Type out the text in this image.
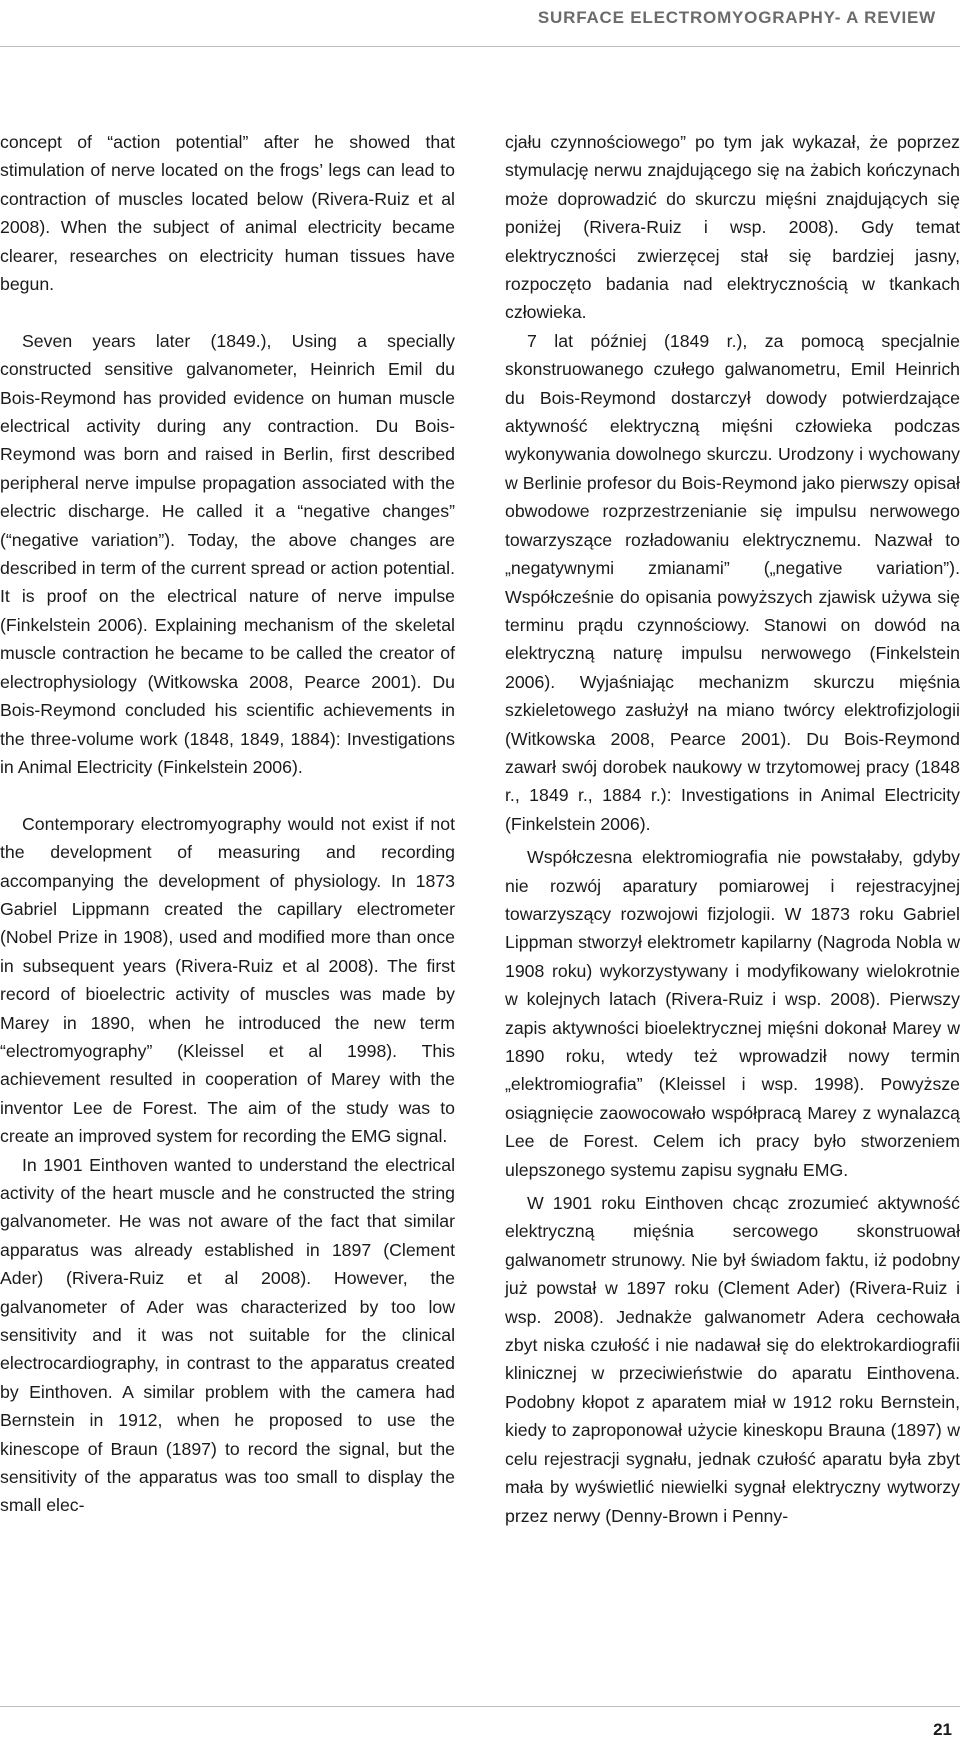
SURFACE ELECTROMYOGRAPHY- A REVIEW

concept of “action potential” after he showed that stimulation of nerve located on the frogs’ legs can lead to contraction of muscles located below (Rivera-Ruiz et al 2008). When the subject of animal electricity became clearer, researches on electricity human tissues have begun.

Seven years later (1849.), Using a specially constructed sensitive galvanometer, Heinrich Emil du Bois-Reymond has provided evidence on human muscle electrical activity during any contraction. Du Bois-Reymond was born and raised in Berlin, first described peripheral nerve impulse propagation associated with the electric discharge. He called it a “negative changes” (“negative variation”). Today, the above changes are described in term of the current spread or action potential. It is proof on the electrical nature of nerve impulse (Finkelstein 2006). Explaining mechanism of the skeletal muscle contraction he became to be called the creator of electrophysiology (Witkowska 2008, Pearce 2001). Du Bois-Reymond concluded his scientific achievements in the three-volume work (1848, 1849, 1884): Investigations in Animal Electricity (Finkelstein 2006).

Contemporary electromyography would not exist if not the development of measuring and recording accompanying the development of physiology. In 1873 Gabriel Lippmann created the capillary electrometer (Nobel Prize in 1908), used and modified more than once in subsequent years (Rivera-Ruiz et al 2008). The first record of bioelectric activity of muscles was made by Marey in 1890, when he introduced the new term “electromyography” (Kleissel et al 1998). This achievement resulted in cooperation of Marey with the inventor Lee de Forest. The aim of the study was to create an improved system for recording the EMG signal.

In 1901 Einthoven wanted to understand the electrical activity of the heart muscle and he constructed the string galvanometer. He was not aware of the fact that similar apparatus was already established in 1897 (Clement Ader) (Rivera-Ruiz et al 2008). However, the galvanometer of Ader was characterized by too low sensitivity and it was not suitable for the clinical electrocardiography, in contrast to the apparatus created by Einthoven. A similar problem with the camera had Bernstein in 1912, when he proposed to use the kinescope of Braun (1897) to record the signal, but the sensitivity of the apparatus was too small to display the small elec-

cjału czynnościowego” po tym jak wykazał, że poprzez stymulację nerwu znajdującego się na żabich kończynach może doprowadzić do skurczu mięśni znajdujących się poniżej (Rivera-Ruiz i wsp. 2008). Gdy temat elektryczności zwierzęcej stał się bardziej jasny, rozpoczęto badania nad elektrycznością w tkankach człowieka.

7 lat później (1849 r.), za pomocą specjalnie skonstruowanego czułego galwanometru, Emil Heinrich du Bois-Reymond dostarczył dowody potwierdzające aktywność elektryczną mięśni człowieka podczas wykonywania dowolnego skurczu. Urodzony i wychowany w Berlinie profesor du Bois-Reymond jako pierwszy opisał obwodowe rozprzestrzenianie się impulsu nerwowego towarzyszące rozładowaniu elektrycznemu. Nazwał to „negatywnymi zmianami” („negative variation”). Współcześnie do opisania powyższych zjawisk używa się terminu prądu czynnościowy. Stanowi on dowód na elektryczną naturę impulsu nerwowego (Finkelstein 2006). Wyjaśniając mechanizm skurczu mięśnia szkieletowego zasłużył na miano twórcy elektrofizjologii (Witkowska 2008, Pearce 2001). Du Bois-Reymond zawarł swój dorobek naukowy w trzytomowej pracy (1848 r., 1849 r., 1884 r.): Investigations in Animal Electricity (Finkelstein 2006).

Współczesna elektromiografia nie powstałaby, gdyby nie rozwój aparatury pomiarowej i rejestracyjnej towarzyszący rozwojowi fizjologii. W 1873 roku Gabriel Lippman stworzył elektrometr kapilarny (Nagroda Nobla w 1908 roku) wykorzystywany i modyfikowany wielokrotnie w kolejnych latach (Rivera-Ruiz i wsp. 2008). Pierwszy zapis aktywności bioelektrycznej mięśni dokonał Marey w 1890 roku, wtedy też wprowadził nowy termin „elektromiografia” (Kleissel i wsp. 1998). Powyższe osiągnięcie zaowocowało współpracą Marey z wynalazcą Lee de Forest. Celem ich pracy było stworzeniem ulepszonego systemu zapisu sygnału EMG.

W 1901 roku Einthoven chcąc zrozumieć aktywność elektryczną mięśnia sercowego skonstruował galwanometr strunowy. Nie był świadom faktu, iż podobny już powstał w 1897 roku (Clement Ader) (Rivera-Ruiz i wsp. 2008). Jednakże galwanometr Adera cechowała zbyt niska czułość i nie nadawał się do elektrokardiografii klinicznej w przeciwieństwie do aparatu Einthovena. Podobny kłopot z aparatem miał w 1912 roku Bernstein, kiedy to zaproponował użycie kineskopu Brauna (1897) w celu rejestracji sygnału, jednak czułość aparatu była zbyt mała by wyświetlić niewielki sygnał elektryczny wytworzy przez nerwy (Denny-Brown i Penny-

21
